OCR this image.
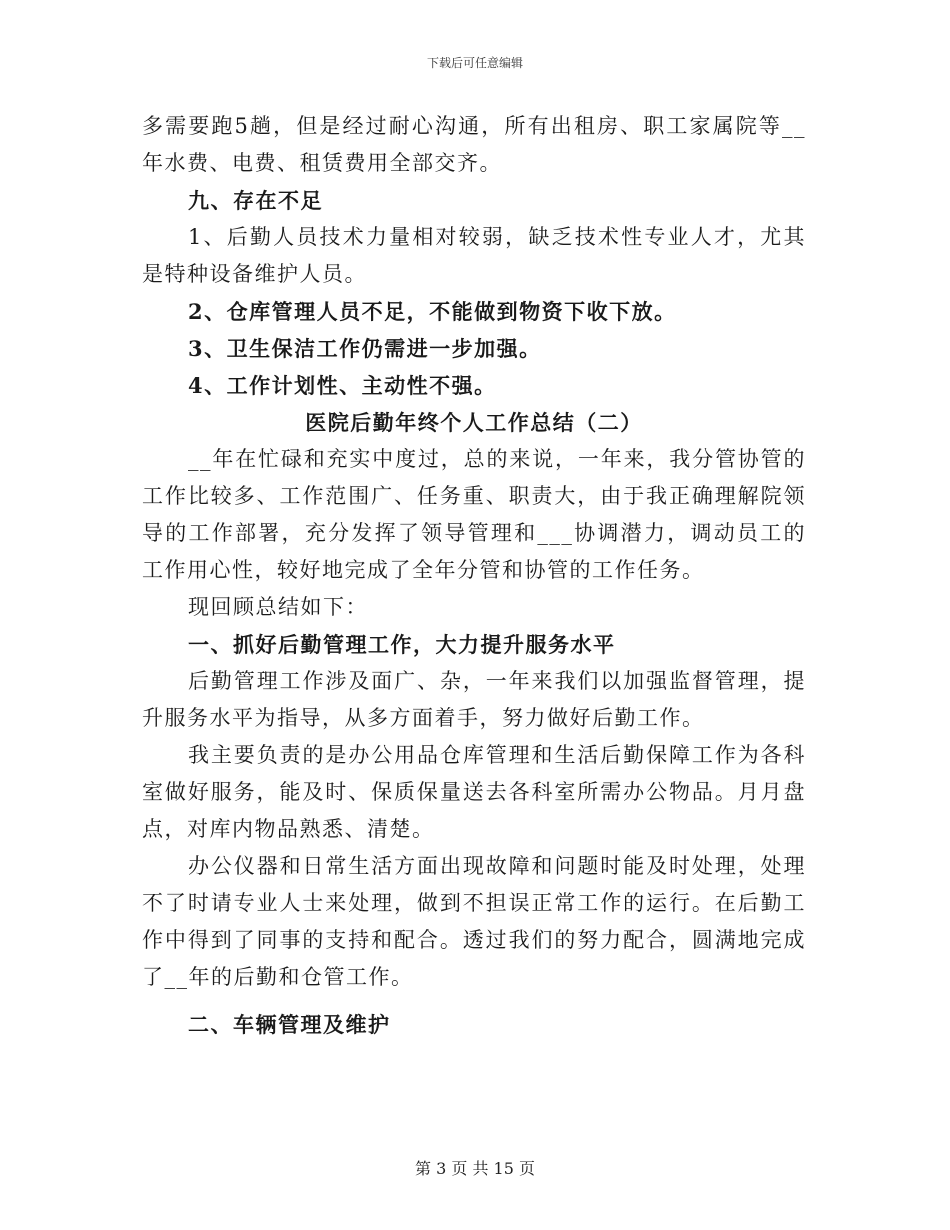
下载后可任意编辑

多需要跑5趟，但是经过耐心沟通，所有出租房、职工家属院等__年水费、电费、租赁费用全部交齐。

九、存在不足

1、后勤人员技术力量相对较弱，缺乏技术性专业人才，尤其是特种设备维护人员。

2、仓库管理人员不足，不能做到物资下收下放。

3、卫生保洁工作仍需进一步加强。

4、工作计划性、主动性不强。

医院后勤年终个人工作总结（二）

__年在忙碌和充实中度过，总的来说，一年来，我分管协管的工作比较多、工作范围广、任务重、职责大，由于我正确理解院领导的工作部署，充分发挥了领导管理和___协调潜力，调动员工的工作用心性，较好地完成了全年分管和协管的工作任务。

现回顾总结如下：

一、抓好后勤管理工作，大力提升服务水平

后勤管理工作涉及面广、杂，一年来我们以加强监督管理，提升服务水平为指导，从多方面着手，努力做好后勤工作。

我主要负责的是办公用品仓库管理和生活后勤保障工作为各科室做好服务，能及时、保质保量送去各科室所需办公物品。月月盘点，对库内物品熟悉、清楚。

办公仪器和日常生活方面出现故障和问题时能及时处理，处理不了时请专业人士来处理，做到不担误正常工作的运行。在后勤工作中得到了同事的支持和配合。透过我们的努力配合，圆满地完成了__年的后勤和仓管工作。

二、车辆管理及维护

第 3 页 共 15 页
